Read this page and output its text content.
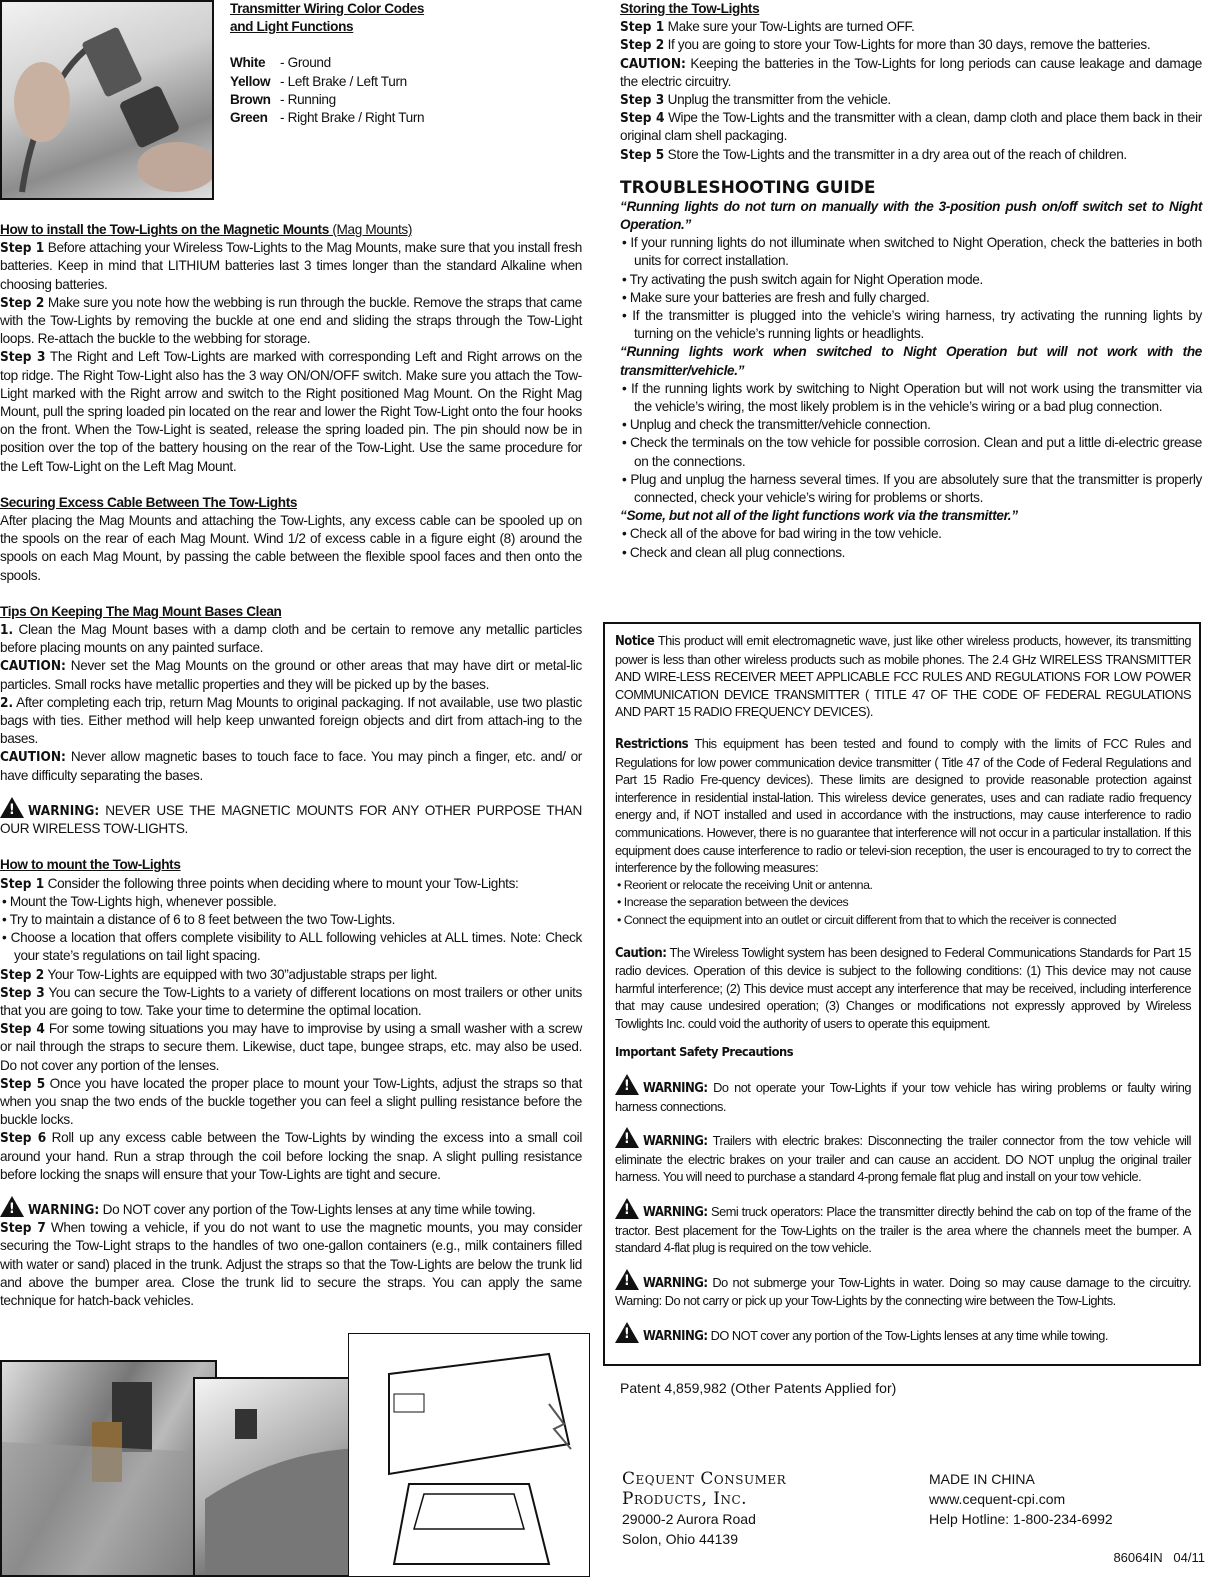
Transmitter Wiring Color Codes
and Light Functions
White	- Ground
Yellow - Left Brake / Left Turn
Brown - Running
Green - Right Brake / Right Turn

How to install the Tow-Lights on the Magnetic Mounts (Mag Mounts)

Step 1 Before attaching your Wireless Tow-Lights to the Mag Mounts, make sure that you install fresh batteries. Keep in mind that LITHIUM batteries last 3 times longer than the standard Alkaline when choosing batteries.

Step 2 Make sure you note how the webbing is run through the buckle. Remove the straps that came with the Tow-Lights by removing the buckle at one end and sliding the straps through the Tow-Light loops. Re-attach the buckle to the webbing for storage.

Step 3 The Right and Left Tow-Lights are marked with corresponding Left and Right arrows on the top ridge. The Right Tow-Light also has the 3 way ON/ON/OFF switch. Make sure you attach the Tow-Light marked with the Right arrow and switch to the Right positioned Mag Mount. On the Right Mag Mount, pull the spring loaded pin located on the rear and lower the Right Tow-Light onto the four hooks on the front. When the Tow-Light is seated, release the spring loaded pin. The pin should now be in position over the top of the battery housing on the rear of the Tow-Light. Use the same procedure for the Left Tow-Light on the Left Mag Mount.

Securing Excess Cable Between The Tow-Lights

After placing the Mag Mounts and attaching the Tow-Lights, any excess cable can be spooled up on the spools on the rear of each Mag Mount. Wind 1/2 of excess cable in a figure eight (8) around the spools on each Mag Mount, by passing the cable between the flexible spool faces and then onto the spools.

Tips On Keeping The Mag Mount Bases Clean

1. Clean the Mag Mount bases with a damp cloth and be certain to remove any metallic particles before placing mounts on any painted surface.

CAUTION: Never set the Mag Mounts on the ground or other areas that may have dirt or metal-lic particles. Small rocks have metallic properties and they will be picked up by the bases.

2. After completing each trip, return Mag Mounts to original packaging. If not available, use two plastic bags with ties. Either method will help keep unwanted foreign objects and dirt from attach-ing to the bases.

CAUTION: Never allow magnetic bases to touch face to face. You may pinch a finger, etc. and/ or have difficulty separating the bases.

!WARNING: NEVER USE THE MAGNETIC MOUNTS FOR ANY OTHER PURPOSE THAN OUR WIRELESS TOW-LIGHTS.

How to mount the Tow-Lights

Step 1 Consider the following three points when deciding where to mount your Tow-Lights:

• Mount the Tow-Lights high, whenever possible.

• Try to maintain a distance of 6 to 8 feet between the two Tow-Lights.

• Choose a location that offers complete visibility to ALL following vehicles at ALL times. Note: Check your state’s regulations on tail light spacing.

Step 2 Your Tow-Lights are equipped with two 30”adjustable straps per light.

Step 3 You can secure the Tow-Lights to a variety of different locations on most trailers or other units that you are going to tow. Take your time to determine the optimal location.

Step 4 For some towing situations you may have to improvise by using a small washer with a screw or nail through the straps to secure them. Likewise, duct tape, bungee straps, etc. may also be used. Do not cover any portion of the lenses.

Step 5 Once you have located the proper place to mount your Tow-Lights, adjust the straps so that when you snap the two ends of the buckle together you can feel a slight pulling resistance before the buckle locks.

Step 6 Roll up any excess cable between the Tow-Lights by winding the excess into a small coil around your hand. Run a strap through the coil before locking the snap. A slight pulling resistance before locking the snaps will ensure that your Tow-Lights are tight and secure.

!WARNING: Do NOT cover any portion of the Tow-Lights lenses at any time while towing.

Step 7 When towing a vehicle, if you do not want to use the magnetic mounts, you may consider securing the Tow-Light straps to the handles of two one-gallon containers (e.g., milk containers filled with water or sand) placed in the trunk. Adjust the straps so that the Tow-Lights are below the trunk lid and above the bumper area. Close the trunk lid to secure the straps. You can apply the same technique for hatch-back vehicles.

Storing the Tow-Lights

Step 1 Make sure your Tow-Lights are turned OFF.

Step 2 If you are going to store your Tow-Lights for more than 30 days, remove the batteries.

CAUTION: Keeping the batteries in the Tow-Lights for long periods can cause leakage and damage the electric circuitry.

Step 3 Unplug the transmitter from the vehicle.

Step 4 Wipe the Tow-Lights and the transmitter with a clean, damp cloth and place them back in their original clam shell packaging.

Step 5 Store the Tow-Lights and the transmitter in a dry area out of the reach of children.

TROUBLESHOOTING GUIDE

“Running lights do not turn on manually with the 3-position push on/off switch set to Night Operation.”

• If your running lights do not illuminate when switched to Night Operation, check the batteries in both units for correct installation.

• Try activating the push switch again for Night Operation mode.

• Make sure your batteries are fresh and fully charged.

• If the transmitter is plugged into the vehicle’s wiring harness, try activating the running lights by turning on the vehicle’s running lights or headlights.

“Running lights work when switched to Night Operation but will not work with the transmitter/vehicle.”

• If the running lights work by switching to Night Operation but will not work using the transmitter via the vehicle’s wiring, the most likely problem is in the vehicle’s wiring or a bad plug connection.

• Unplug and check the transmitter/vehicle connection.

• Check the terminals on the tow vehicle for possible corrosion. Clean and put a little di-electric grease on the connections.

• Plug and unplug the harness several times. If you are absolutely sure that the transmitter is properly connected, check your vehicle’s wiring for problems or shorts.

“Some, but not all of the light functions work via the transmitter.”

• Check all of the above for bad wiring in the tow vehicle.

• Check and clean all plug connections.

Notice This product will emit electromagnetic wave, just like other wireless products, however, its transmitting power is less than other wireless products such as mobile phones. The 2.4 GHz WIRELESS TRANSMITTER AND WIRE-LESS RECEIVER MEET APPLICABLE FCC RULES AND REGULATIONS FOR LOW POWER COMMUNICATION DEVICE TRANSMITTER ( TITLE 47 OF THE CODE OF FEDERAL REGULATIONS AND PART 15 RADIO FREQUENCY DEVICES).

Restrictions This equipment has been tested and found to comply with the limits of FCC Rules and Regulations for low power communication device transmitter ( Title 47 of the Code of Federal Regulations and Part 15 Radio Fre-quency devices). These limits are designed to provide reasonable protection against interference in residential instal-lation. This wireless device generates, uses and can radiate radio frequency energy and, if NOT installed and used in accordance with the instructions, may cause interference to radio communications. However, there is no guarantee that interference will not occur in a particular installation. If this equipment does cause interference to radio or televi-sion reception, the user is encouraged to try to correct the interference by the following measures:

• Reorient or relocate the receiving Unit or antenna.

• Increase the separation between the devices

• Connect the equipment into an outlet or circuit different from that to which the receiver is connected

Caution: The Wireless Towlight system has been designed to Federal Communications Standards for Part 15 radio devices. Operation of this device is subject to the following conditions: (1) This device may not cause harmful interference; (2) This device must accept any interference that may be received, including interference that may cause undesired operation; (3) Changes or modifications not expressly approved by Wireless Towlights Inc. could void the authority of users to operate this equipment.

Important Safety Precautions

!WARNING: Do not operate your Tow-Lights if your tow vehicle has wiring problems or faulty wiring harness connections.

!WARNING: Trailers with electric brakes: Disconnecting the trailer connector from the tow vehicle will eliminate the electric brakes on your trailer and can cause an accident. DO NOT unplug the original trailer harness. You will need to purchase a standard 4-prong female flat plug and install on your tow vehicle.

!WARNING: Semi truck operators: Place the transmitter directly behind the cab on top of the frame of the tractor. Best placement for the Tow-Lights on the trailer is the area where the channels meet the bumper. A standard 4-flat plug is required on the tow vehicle.

!WARNING: Do not submerge your Tow-Lights in water. Doing so may cause damage to the circuitry. Warning: Do not carry or pick up your Tow-Lights by the connecting wire between the Tow-Lights.

!WARNING: DO NOT cover any portion of the Tow-Lights lenses at any time while towing.

Patent 4,859,982 (Other Patents Applied for)
Cequent Consumer
Products, Inc.
29000-2 Aurora Road
Solon, Ohio 44139
MADE IN CHINA
www.cequent-cpi.com
Help Hotline: 1-800-234-6992
86064IN   04/11
